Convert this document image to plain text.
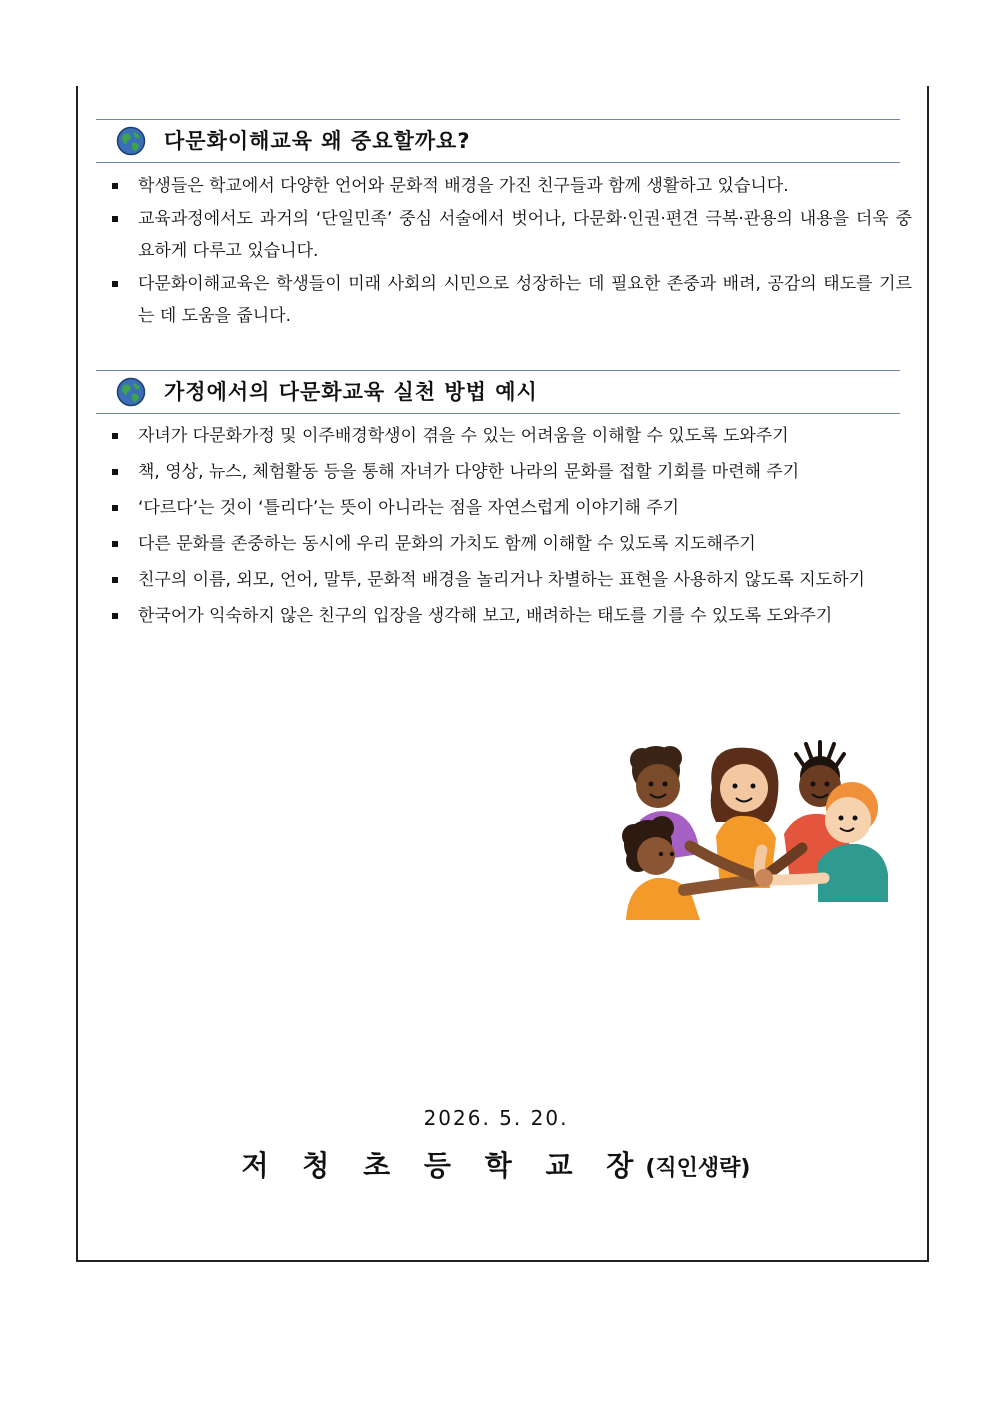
다문화이해교육 왜 중요할까요?
학생들은 학교에서 다양한 언어와 문화적 배경을 가진 친구들과 함께 생활하고 있습니다.
교육과정에서도 과거의 ‘단일민족’ 중심 서술에서 벗어나, 다문화·인권·편견 극복·관용의 내용을 더욱 중요하게 다루고 있습니다.
다문화이해교육은 학생들이 미래 사회의 시민으로 성장하는 데 필요한 존중과 배려, 공감의 태도를 기르는 데 도움을 줍니다.
가정에서의 다문화교육 실천 방법 예시
자녀가 다문화가정 및 이주배경학생이 겪을 수 있는 어려움을 이해할 수 있도록 도와주기
책, 영상, 뉴스, 체험활동 등을 통해 자녀가 다양한 나라의 문화를 접할 기회를 마련해 주기
‘다르다’는 것이 ‘틀리다’는 뜻이 아니라는 점을 자연스럽게 이야기해 주기
다른 문화를 존중하는 동시에 우리 문화의 가치도 함께 이해할 수 있도록 지도해주기
친구의 이름, 외모, 언어, 말투, 문화적 배경을 놀리거나 차별하는 표현을 사용하지 않도록 지도하기
한국어가 익숙하지 않은 친구의 입장을 생각해 보고, 배려하는 태도를 기를 수 있도록 도와주기
2026. 5. 20.
저 청 초 등 학 교 장(직인생략)
